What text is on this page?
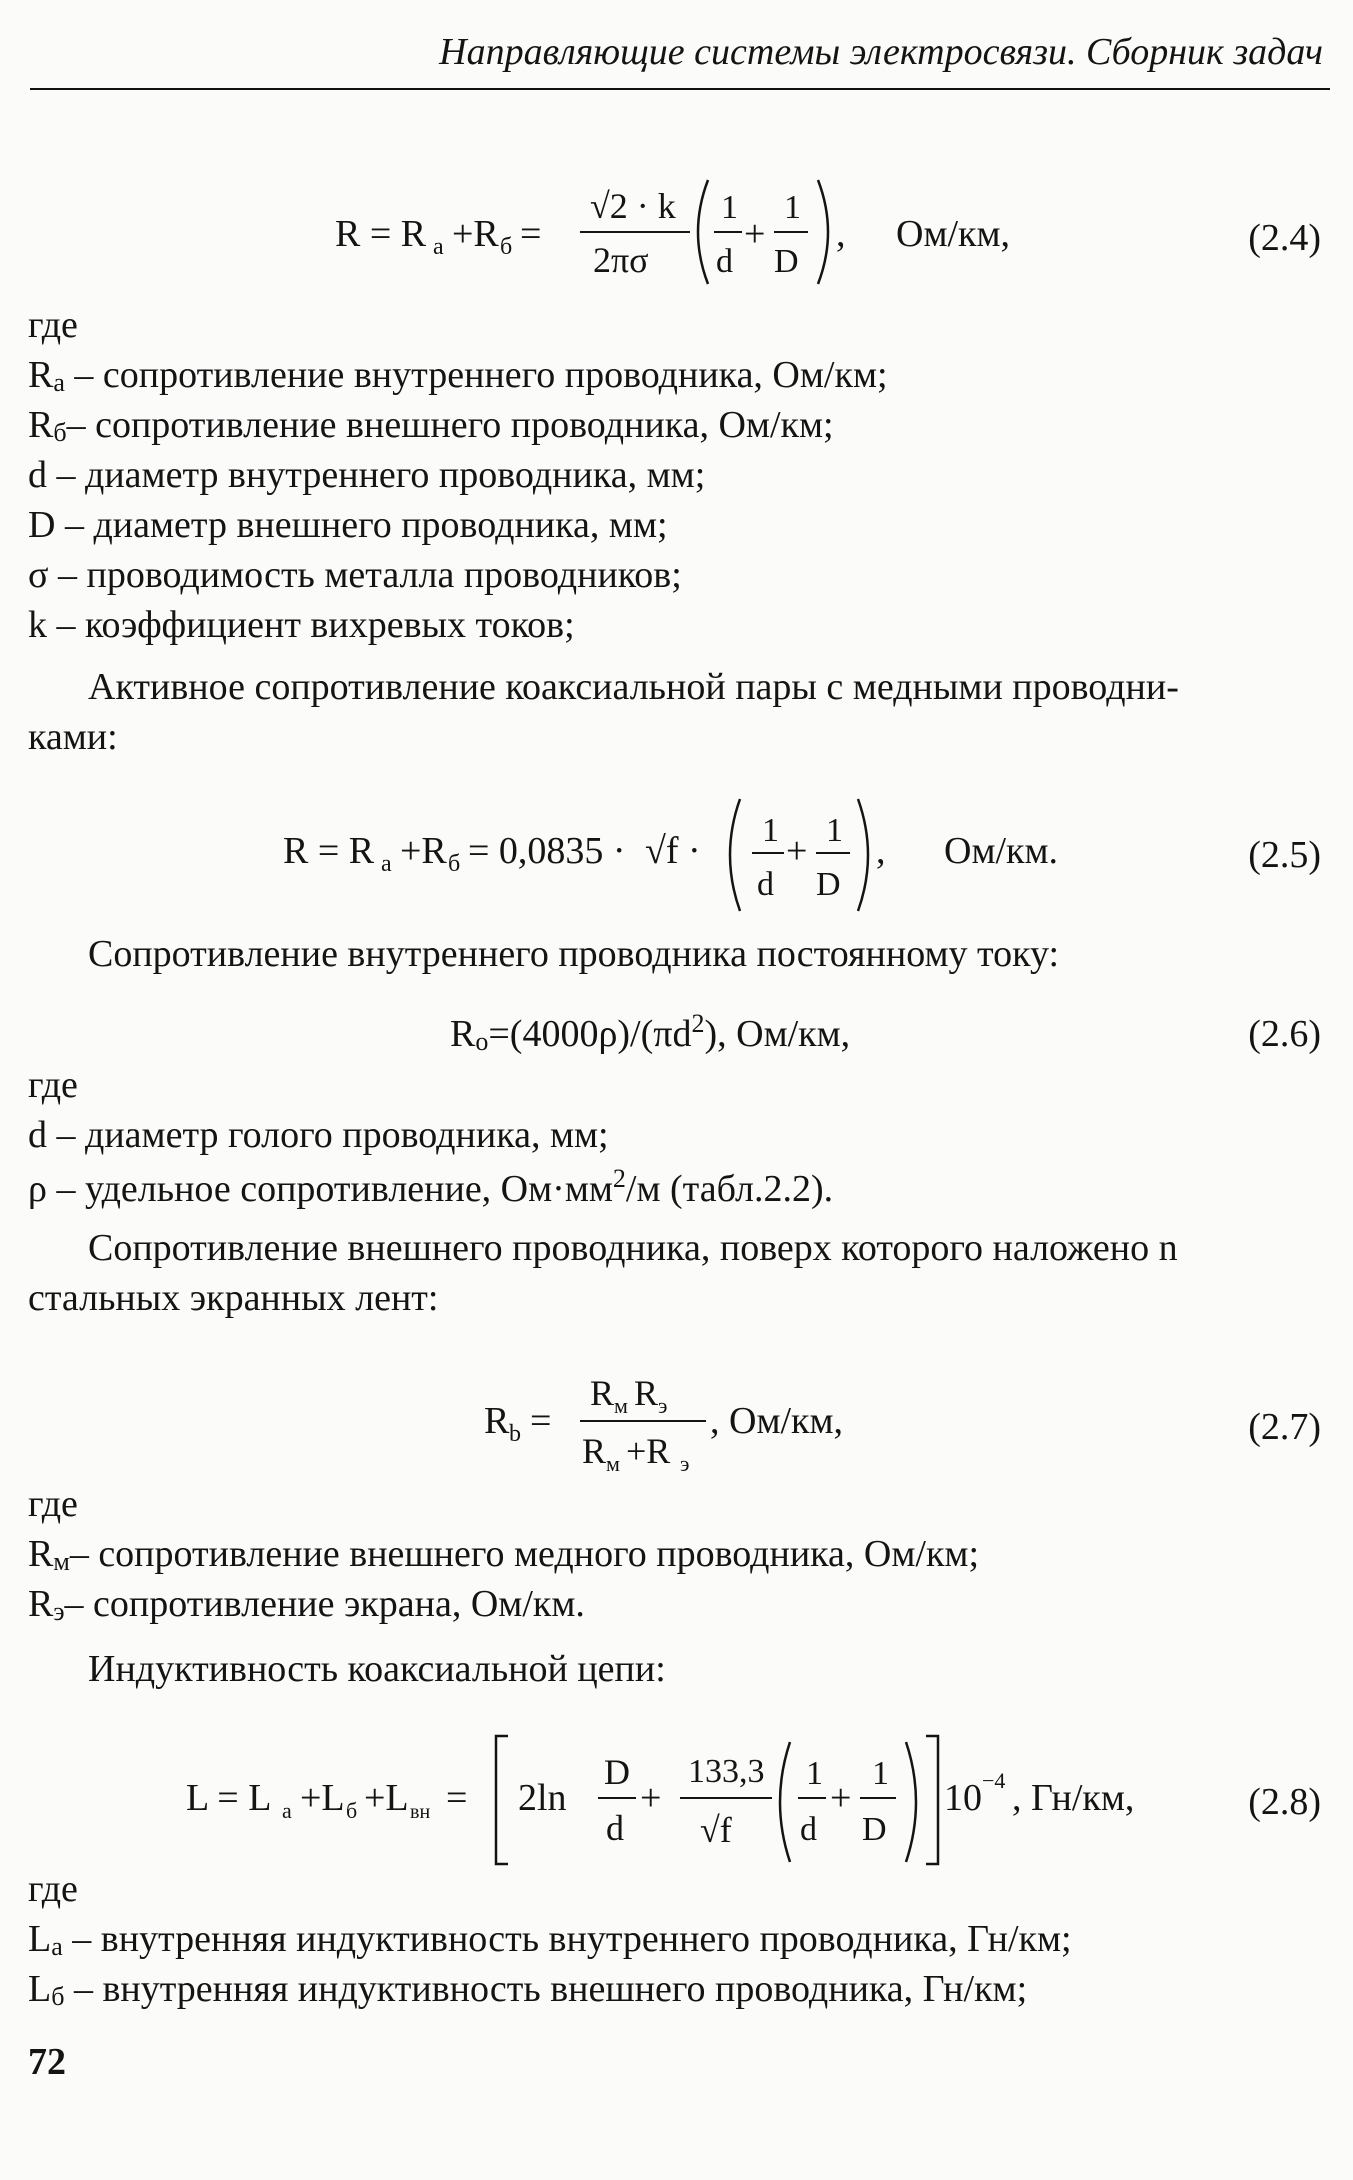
Направляющие системы электросвязи. Сборник задач
R = R а +R б =
√2 · k
2πσ
1
d
+
1
D
, Ом/км,	(2.4)
где
Rа – сопротивление внутреннего проводника, Ом/км;
Rб– сопротивление внешнего проводника, Ом/км;
d – диаметр внутреннего проводника, мм;
D – диаметр внешнего проводника, мм;
σ – проводимость металла проводников;
k – коэффициент вихревых токов;
Активное сопротивление коаксиальной пары с медными проводни-
ками:
R = R а +R б = 0,0835 · √f · 1
d
+ 1
D
, Ом/км.	(2.5)
Сопротивление внутреннего проводника постоянному току:
$Rо=(4000\rho)/(\pi d^2)$, Ом/км,	(2.6)
где
d – диаметр голого проводника, мм;
ρ – удельное сопротивление, $Ом\cdot мм^2/м$ (табл.2.2).
Сопротивление внешнего проводника, поверх которого наложено n
стальных экранных лент:
R b =
R м R э
R м +R э
, Ом/км,	(2.7)
где
Rм– сопротивление внешнего медного проводника, Ом/км;
Rэ– сопротивление экрана, Ом/км.
Индуктивность коаксиальной цепи:
L = L а +L б +L вн = 2ln
D
d
+
133,3
√f
1
d
+
1
D
10 −4 , Гн/км,	(2.8)
где
Lа – внутренняя индуктивность внутреннего проводника, Гн/км;
Lб – внутренняя индуктивность внешнего проводника, Гн/км;
72
